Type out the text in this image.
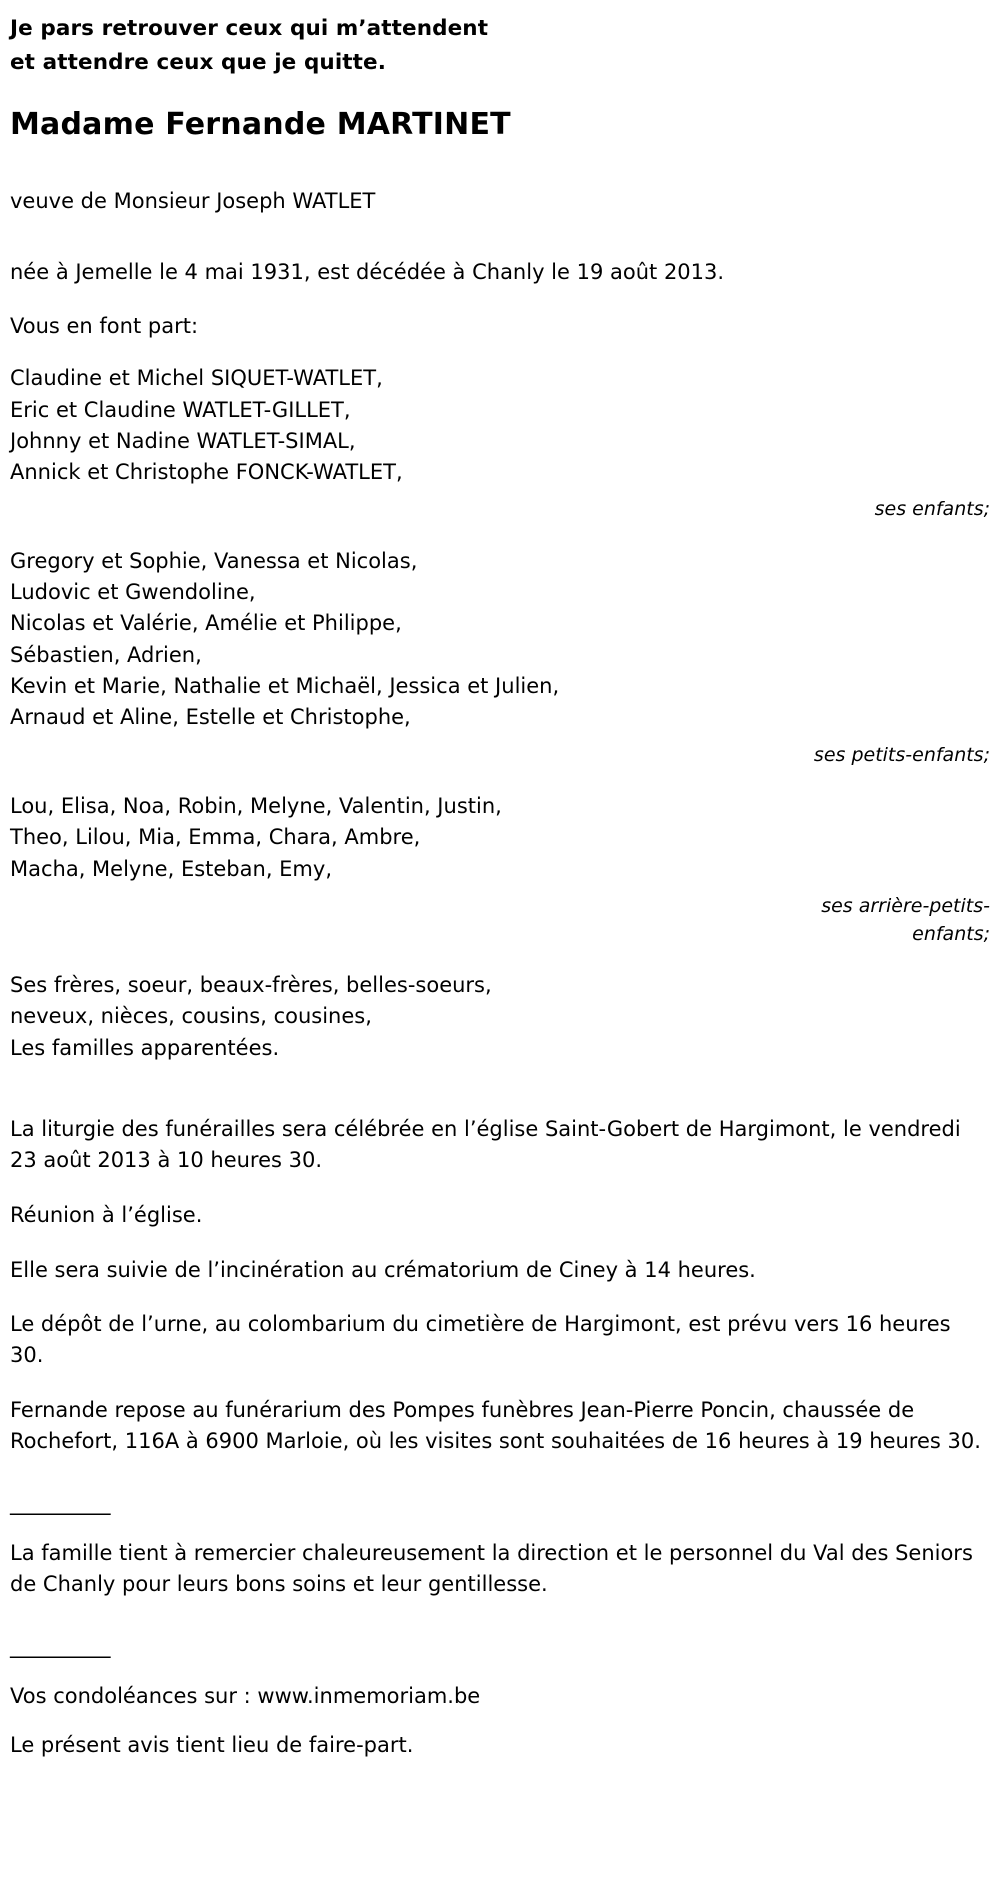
Je pars retrouver ceux qui m’attendent
et attendre ceux que je quitte.
Madame Fernande MARTINET
veuve de Monsieur Joseph WATLET
née à Jemelle le 4 mai 1931, est décédée à Chanly le 19 août 2013.
Vous en font part:
Claudine et Michel SIQUET-WATLET,
Eric et Claudine WATLET-GILLET,
Johnny et Nadine WATLET-SIMAL,
Annick et Christophe FONCK-WATLET,
ses enfants;
Gregory et Sophie, Vanessa et Nicolas,
Ludovic et Gwendoline,
Nicolas et Valérie, Amélie et Philippe,
Sébastien, Adrien,
Kevin et Marie, Nathalie et Michaël, Jessica et Julien,
Arnaud et Aline, Estelle et Christophe,
ses petits-enfants;
Lou, Elisa, Noa, Robin, Melyne, Valentin, Justin,
Theo, Lilou, Mia, Emma, Chara, Ambre,
Macha, Melyne, Esteban, Emy,
ses arrière-petits-
enfants;
Ses frères, soeur, beaux-frères, belles-soeurs,
neveux, nièces, cousins, cousines,
Les familles apparentées.
La liturgie des funérailles sera célébrée en l’église Saint-Gobert de Hargimont, le vendredi 23 août 2013 à 10 heures 30.
Réunion à l’église.
Elle sera suivie de l’incinération au crématorium de Ciney à 14 heures.
Le dépôt de l’urne, au colombarium du cimetière de Hargimont, est prévu vers 16 heures 30.
Fernande repose au funérarium des Pompes funèbres Jean-Pierre Poncin, chaussée de Rochefort, 116A à 6900 Marloie, où les visites sont souhaitées de 16 heures à 19 heures 30.
__________
La famille tient à remercier chaleureusement la direction et le personnel du Val des Seniors de Chanly pour leurs bons soins et leur gentillesse.
__________
Vos condoléances sur : www.inmemoriam.be
Le présent avis tient lieu de faire-part.
